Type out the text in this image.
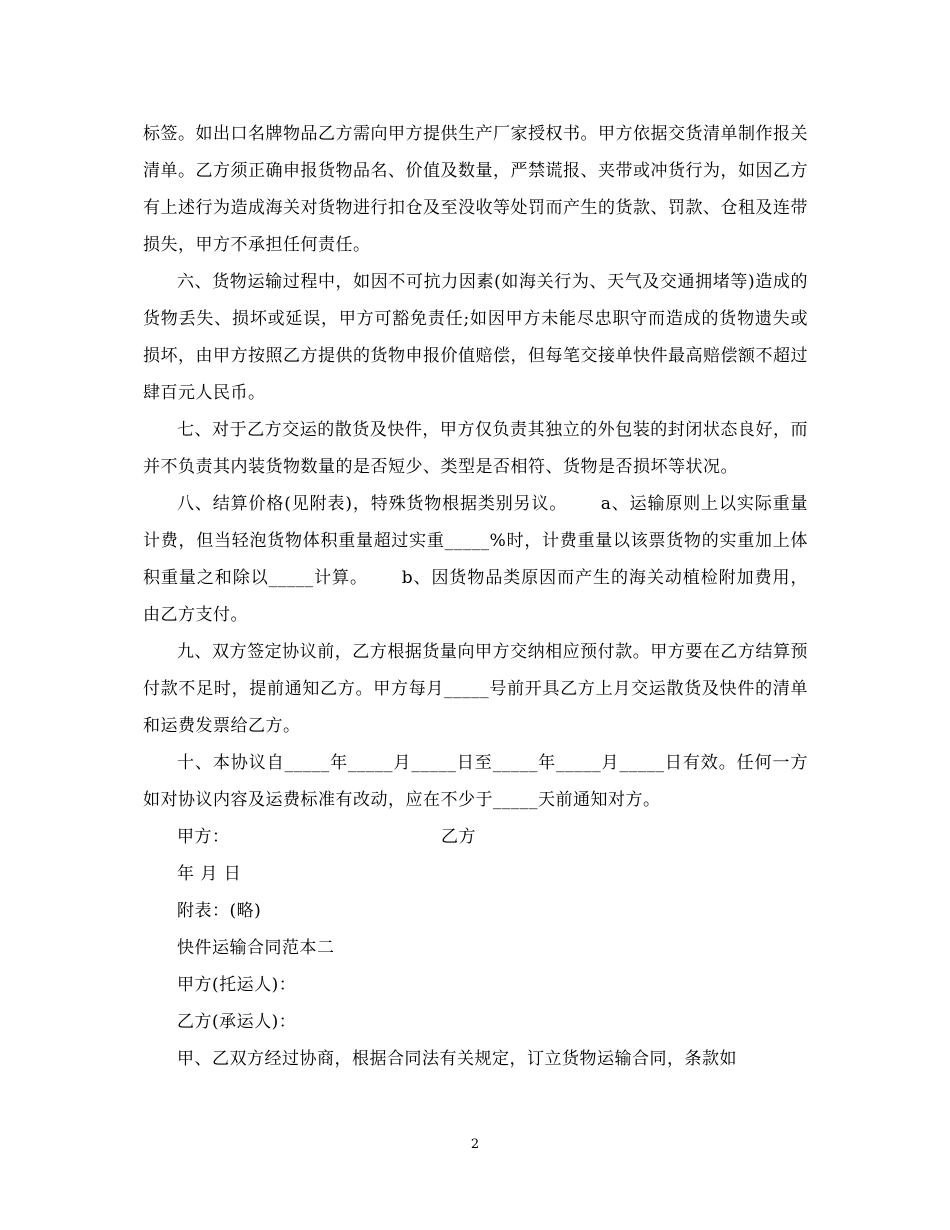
标签。如出口名牌物品乙方需向甲方提供生产厂家授权书。甲方依据交货清单制作报关清单。乙方须正确申报货物品名、价值及数量，严禁谎报、夹带或冲货行为，如因乙方有上述行为造成海关对货物进行扣仓及至没收等处罚而产生的货款、罚款、仓租及连带损失，甲方不承担任何责任。

六、货物运输过程中，如因不可抗力因素(如海关行为、天气及交通拥堵等)造成的货物丢失、损坏或延误，甲方可豁免责任;如因甲方未能尽忠职守而造成的货物遗失或损坏，由甲方按照乙方提供的货物申报价值赔偿，但每笔交接单快件最高赔偿额不超过肆百元人民币。

七、对于乙方交运的散货及快件，甲方仅负责其独立的外包装的封闭状态良好，而并不负责其内装货物数量的是否短少、类型是否相符、货物是否损坏等状况。

八、结算价格(见附表)，特殊货物根据类别另议。　　 a、运输原则上以实际重量计费，但当轻泡货物体积重量超过实重_____%时，计费重量以该票货物的实重加上体积重量之和除以_____计算。　　 b、因货物品类原因而产生的海关动植检附加费用，由乙方支付。

九、双方签定协议前，乙方根据货量向甲方交纳相应预付款。甲方要在乙方结算预付款不足时，提前通知乙方。甲方每月_____号前开具乙方上月交运散货及快件的清单和运费发票给乙方。

十、本协议自_____年_____月_____日至_____年_____月_____日有效。任何一方如对协议内容及运费标准有改动，应在不少于_____天前通知对方。

甲方：	乙方

年 月 日

附表：(略)

快件运输合同范本二

甲方(托运人)：

乙方(承运人)：

甲、乙双方经过协商，根据合同法有关规定，订立货物运输合同，条款如

2
